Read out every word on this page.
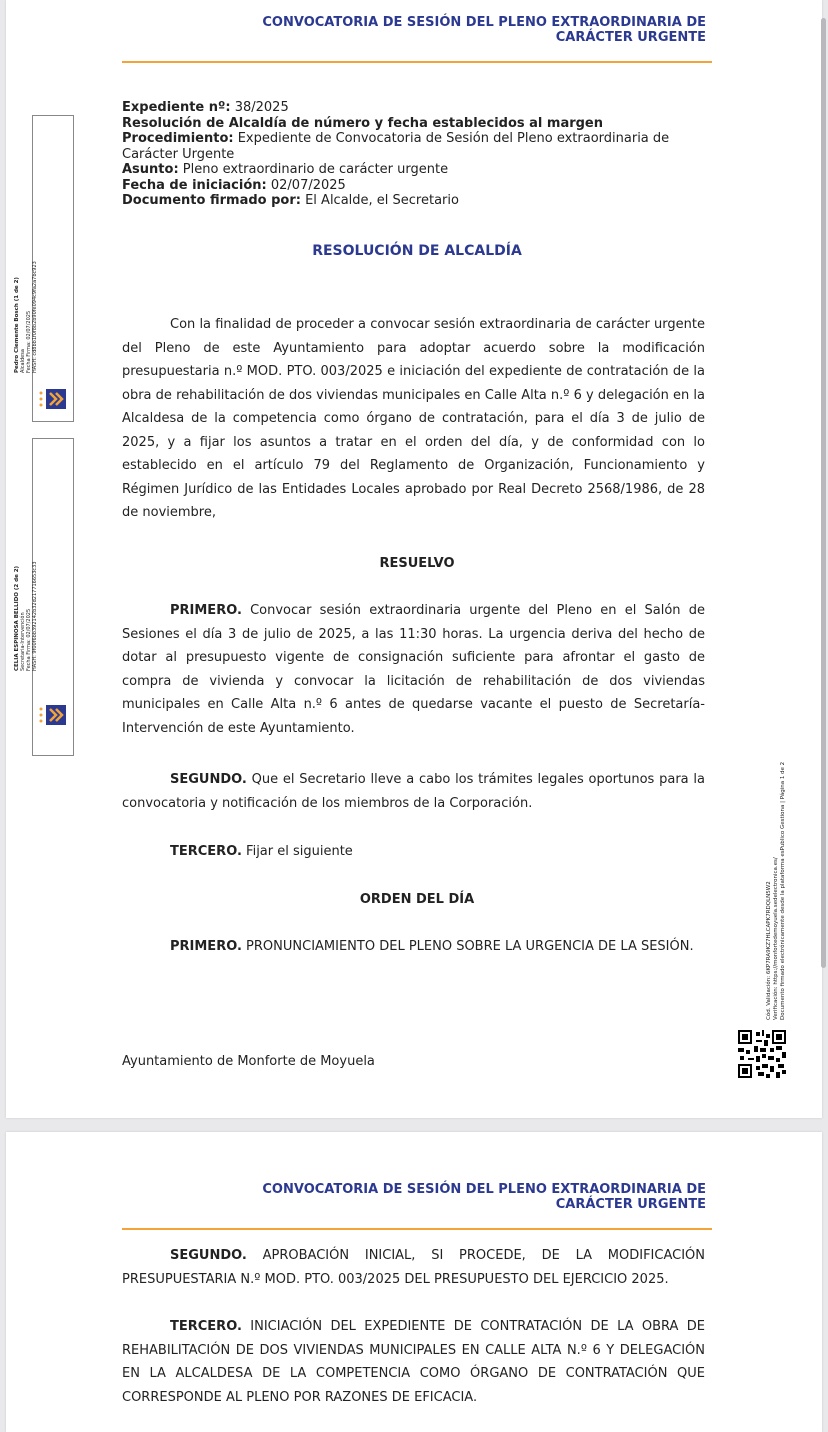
CONVOCATORIA DE SESIÓN DEL PLENO EXTRAORDINARIA DE
CARÁCTER URGENTE
Expediente nº: 38/2025
Resolución de Alcaldía de número y fecha establecidos al margen
Procedimiento: Expediente de Convocatoria de Sesión del Pleno extraordinaria de Carácter Urgente
Asunto: Pleno extraordinario de carácter urgente
Fecha de iniciación: 02/07/2025
Documento firmado por: El Alcalde, el Secretario
RESOLUCIÓN DE ALCALDÍA

Con la finalidad de proceder a convocar sesión extraordinaria de carácter urgente del Pleno de este Ayuntamiento para adoptar acuerdo sobre la modificación presupuestaria n.º MOD. PTO. 003/2025 e iniciación del expediente de contratación de la obra de rehabilitación de dos viviendas municipales en Calle Alta n.º 6 y delegación en la Alcaldesa de la competencia como órgano de contratación, para el día 3 de julio de 2025, y a fijar los asuntos a tratar en el orden del día, y de conformidad con lo establecido en el artículo 79 del Reglamento de Organización, Funcionamiento y Régimen Jurídico de las Entidades Locales aprobado por Real Decreto 2568/1986, de 28 de noviembre,

RESUELVO

PRIMERO. Convocar sesión extraordinaria urgente del Pleno en el Salón de Sesiones el día 3 de julio de 2025, a las 11:30 horas. La urgencia deriva del hecho de dotar al presupuesto vigente de consignación suficiente para afrontar el gasto de compra de vivienda y convocar la licitación de rehabilitación de dos viviendas municipales en Calle Alta n.º 6 antes de quedarse vacante el puesto de Secretaría-Intervención de este Ayuntamiento.

SEGUNDO. Que el Secretario lleve a cabo los trámites legales oportunos para la convocatoria y notificación de los miembros de la Corporación.

TERCERO. Fijar el siguiente

ORDEN DEL DÍA

PRIMERO. PRONUNCIAMIENTO DEL PLENO SOBRE LA URGENCIA DE LA SESIÓN.

Ayuntamiento de Monforte de Moyuela
Pedro Clemente Bosch (1 de 2)
Alcaldesa
Fecha Firma: 02/07/2025
HASH: cd8bb1f0f8b2b90fe094c9fa2a7bc923
CELIA ESPINOSA BELLIDO (2 de 2)
Secretaria-Intervención
Fecha Firma: 02/07/2025
HASH: 9f00f6bb392142b32d217716653c33
Cód. Validación: 6KP7RA9KZ7HLCAPK7RDQLN5W2
Verificación: https://monfortedemoyuela.sedelectronica.es/
Documento firmado electrónicamente desde la plataforma esPublico Gestiona | Página 1 de 2
CONVOCATORIA DE SESIÓN DEL PLENO EXTRAORDINARIA DE
CARÁCTER URGENTE

SEGUNDO. APROBACIÓN INICIAL, SI PROCEDE, DE LA MODIFICACIÓN PRESUPUESTARIA N.º MOD. PTO. 003/2025 DEL PRESUPUESTO DEL EJERCICIO 2025.

TERCERO. INICIACIÓN DEL EXPEDIENTE DE CONTRATACIÓN DE LA OBRA DE REHABILITACIÓN DE DOS VIVIENDAS MUNICIPALES EN CALLE ALTA N.º 6 Y DELEGACIÓN EN LA ALCALDESA DE LA COMPETENCIA COMO ÓRGANO DE CONTRATACIÓN QUE CORRESPONDE AL PLENO POR RAZONES DE EFICACIA.
